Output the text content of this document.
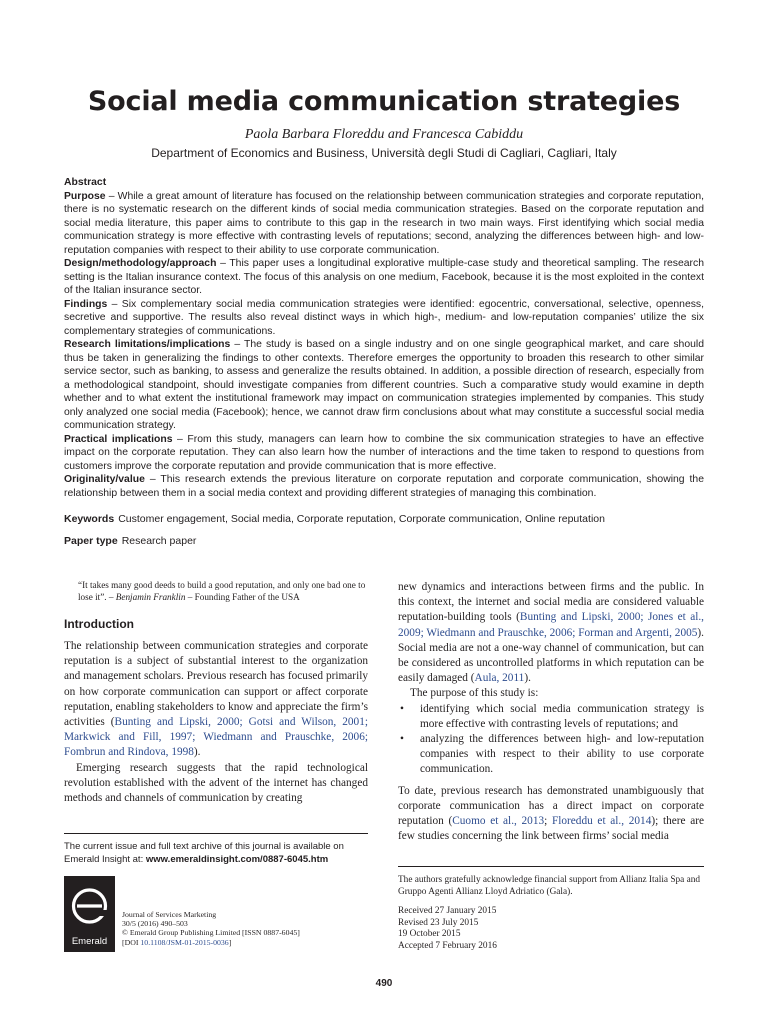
Social media communication strategies
Paola Barbara Floreddu and Francesca Cabiddu
Department of Economics and Business, Università degli Studi di Cagliari, Cagliari, Italy

Abstract

Purpose – While a great amount of literature has focused on the relationship between communication strategies and corporate reputation, there is no systematic research on the different kinds of social media communication strategies. Based on the corporate reputation and social media literature, this paper aims to contribute to this gap in the research in two main ways. First identifying which social media communication strategy is more effective with contrasting levels of reputations; second, analyzing the differences between high- and low-reputation companies with respect to their ability to use corporate communication.

Design/methodology/approach – This paper uses a longitudinal explorative multiple-case study and theoretical sampling. The research setting is the Italian insurance context. The focus of this analysis on one medium, Facebook, because it is the most exploited in the context of the Italian insurance sector.

Findings – Six complementary social media communication strategies were identified: egocentric, conversational, selective, openness, secretive and supportive. The results also reveal distinct ways in which high-, medium- and low-reputation companies’ utilize the six complementary strategies of communications.

Research limitations/implications – The study is based on a single industry and on one single geographical market, and care should thus be taken in generalizing the findings to other contexts. Therefore emerges the opportunity to broaden this research to other similar service sector, such as banking, to assess and generalize the results obtained. In addition, a possible direction of research, especially from a methodological standpoint, should investigate companies from different countries. Such a comparative study would examine in depth whether and to what extent the institutional framework may impact on communication strategies implemented by companies. This study only analyzed one social media (Facebook); hence, we cannot draw firm conclusions about what may constitute a successful social media communication strategy.

Practical implications – From this study, managers can learn how to combine the six communication strategies to have an effective impact on the corporate reputation. They can also learn how the number of interactions and the time taken to respond to questions from customers improve the corporate reputation and provide communication that is more effective.

Originality/value – This research extends the previous literature on corporate reputation and corporate communication, showing the relationship between them in a social media context and providing different strategies of managing this combination.

Keywords Customer engagement, Social media, Corporate reputation, Corporate communication, Online reputation
Paper type Research paper

“It takes many good deeds to build a good reputation, and only one bad one to lose it”. – Benjamin Franklin – Founding Father of the USA

Introduction

The relationship between communication strategies and corporate reputation is a subject of substantial interest to the organization and management scholars. Previous research has focused primarily on how corporate communication can support or affect corporate reputation, enabling stakeholders to know and appreciate the firm’s activities (Bunting and Lipski, 2000; Gotsi and Wilson, 2001; Markwick and Fill, 1997; Wiedmann and Prauschke, 2006; Fombrun and Rindova, 1998).

Emerging research suggests that the rapid technological revolution established with the advent of the internet has changed methods and channels of communication by creating

new dynamics and interactions between firms and the public. In this context, the internet and social media are considered valuable reputation-building tools (Bunting and Lipski, 2000; Jones et al., 2009; Wiedmann and Prauschke, 2006; Forman and Argenti, 2005). Social media are not a one-way channel of communication, but can be considered as uncontrolled platforms in which reputation can be easily damaged (Aula, 2011).

The purpose of this study is:

• identifying which social media communication strategy is more effective with contrasting levels of reputations; and
• analyzing the differences between high- and low-reputation companies with respect to their ability to use corporate communication.

To date, previous research has demonstrated unambiguously that corporate communication has a direct impact on corporate reputation (Cuomo et al., 2013; Floreddu et al., 2014); there are few studies concerning the link between firms’ social media

The current issue and full text archive of this journal is available on Emerald Insight at: www.emeraldinsight.com/0887-6045.htm
Emerald
Journal of Services Marketing
30/5 (2016) 490–503
© Emerald Group Publishing Limited [ISSN 0887-6045]
[DOI 10.1108/JSM-01-2015-0036]
The authors gratefully acknowledge financial support from Allianz Italia Spa and Gruppo Agenti Allianz Lloyd Adriatico (Gala).
Received 27 January 2015
Revised 23 July 2015
19 October 2015
Accepted 7 February 2016
490
